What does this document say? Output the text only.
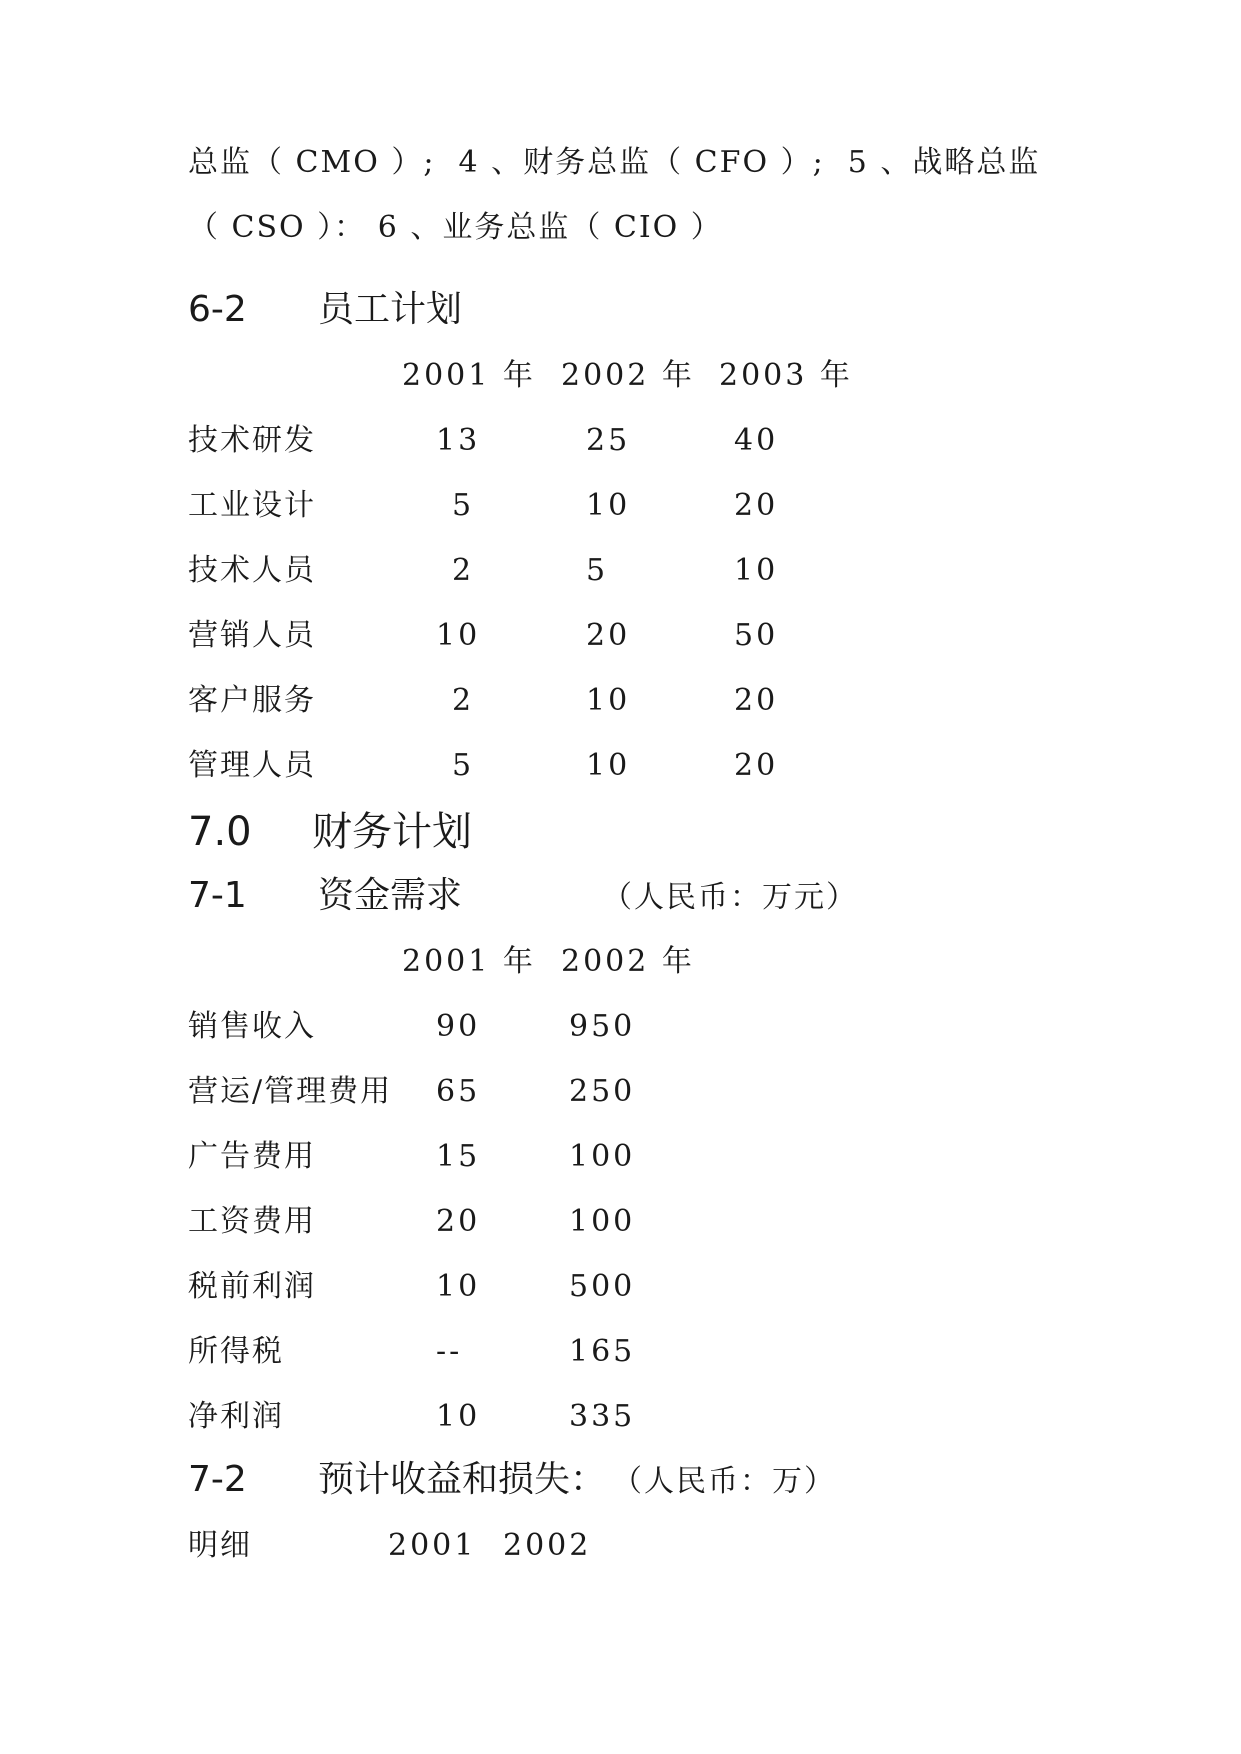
总监（ CMO ）;  4 、财务总监（ CFO ）;  5 、战略总监
（ CSO ）： 6 、业务总监（ CIO ）
6-2 员工计划
2001 年 2002 年 2003 年
技术研发	13	25	40
工业设计	5	10	20
技术人员	2	5	10
营销人员	10	20	50
客户服务	2	10	20
管理人员	5	10	20
7.0 财务计划
7-1 资金需求	（人民币：万元）
2001 年 2002 年
销售收入	90	950
营运/管理费用 65	250
广告费用	15	100
工资费用	20	100
税前利润	10	500
所得税	--	165
净利润	10	335
7-2 预计收益和损失： （人民币：万）
明细	2001 2002
